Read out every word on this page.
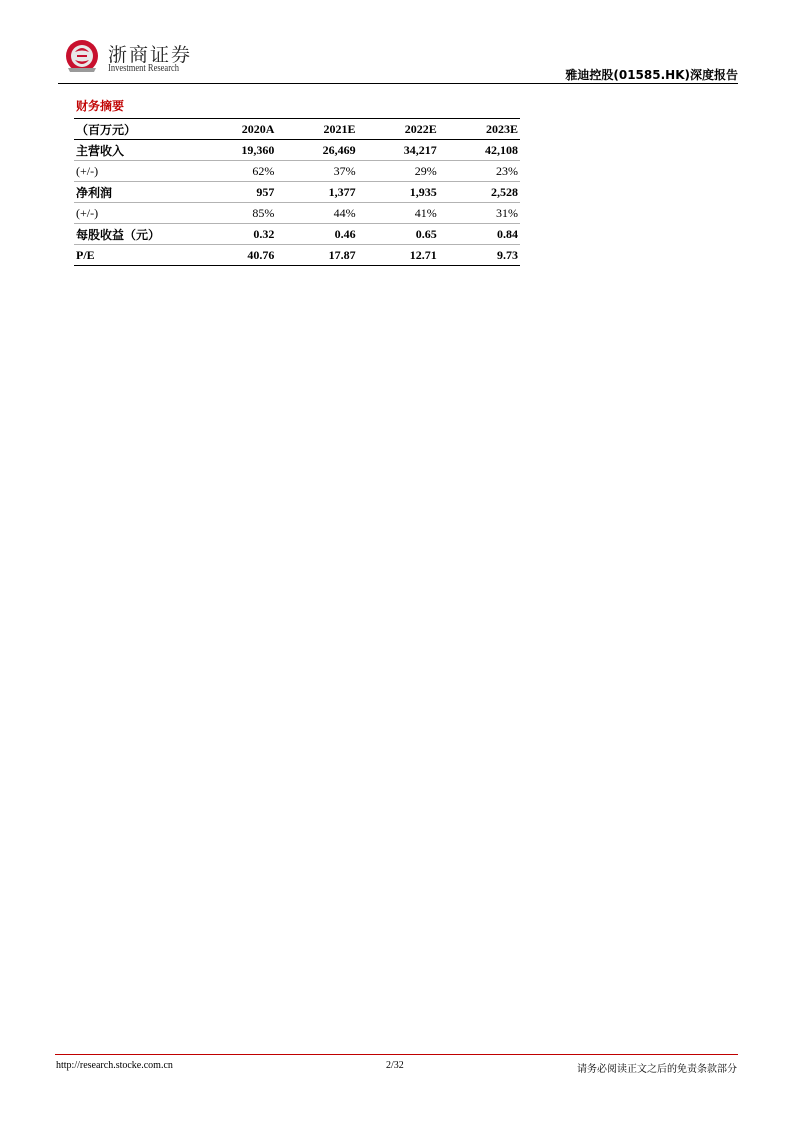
浙商证券
Investment Research	雅迪控股(01585.HK)深度报告
财务摘要
（百万元）	2020A	2021E	2022E	2023E
主营收入	19,360	26,469	34,217	42,108
(+/-)	62%	37%	29%	23%
净利润	957	1,377	1,935	2,528
(+/-)	85%	44%	41%	31%
每股收益（元）	0.32	0.46	0.65	0.84
P/E	40.76	17.87	12.71	9.73
http://research.stocke.com.cn	2/32	请务必阅读正文之后的免责条款部分
